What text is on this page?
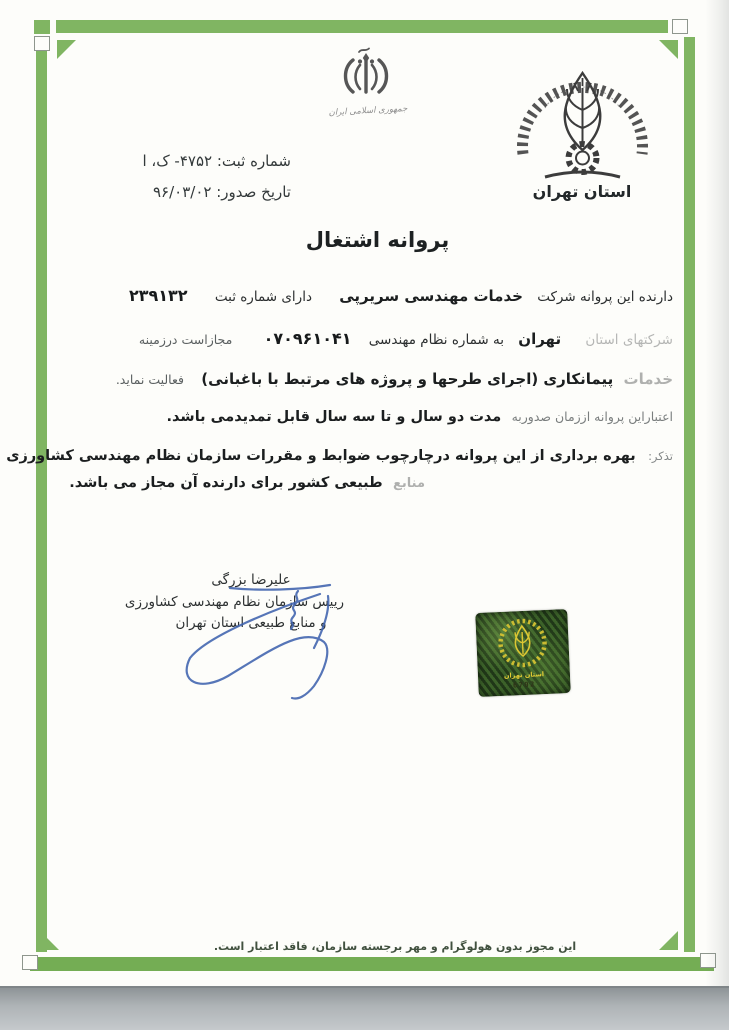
شماره ثبت: ۴۷۵۲- ک، ا
تاریخ صدور: ۹۶/۰۳/۰۲
جمهوری اسلامی ایران
استان تهران
پروانه اشتغال
دارنده این پروانه شرکت خدمات مهندسی سریرپی دارای شماره ثبت ۲۳۹۱۳۲
شرکتهای استان تهران به شماره نظام مهندسی ۰۷۰۹۶۱۰۴۱ مجازاست درزمینه
خدمات پیمانکاری (اجرای طرحها و پروژه های مرتبط با باغبانی) فعالیت نماید.
اعتباراین پروانه اززمان صدوربه مدت دو سال و تا سه سال قابل تمدیدمی باشد.
تذکر: بهره برداری از این پروانه درچارچوب ضوابط و مقررات سازمان نظام مهندسی کشاورزی
منابع طبیعی کشور برای دارنده آن مجاز می باشد.
علیرضا بزرگی
رییس سازمان نظام مهندسی کشاورزی
و منابع طبیعی استان تهران
استان تهران
6702
این مجوز بدون هولوگرام و مهر برجسته سازمان، فاقد اعتبار است.
